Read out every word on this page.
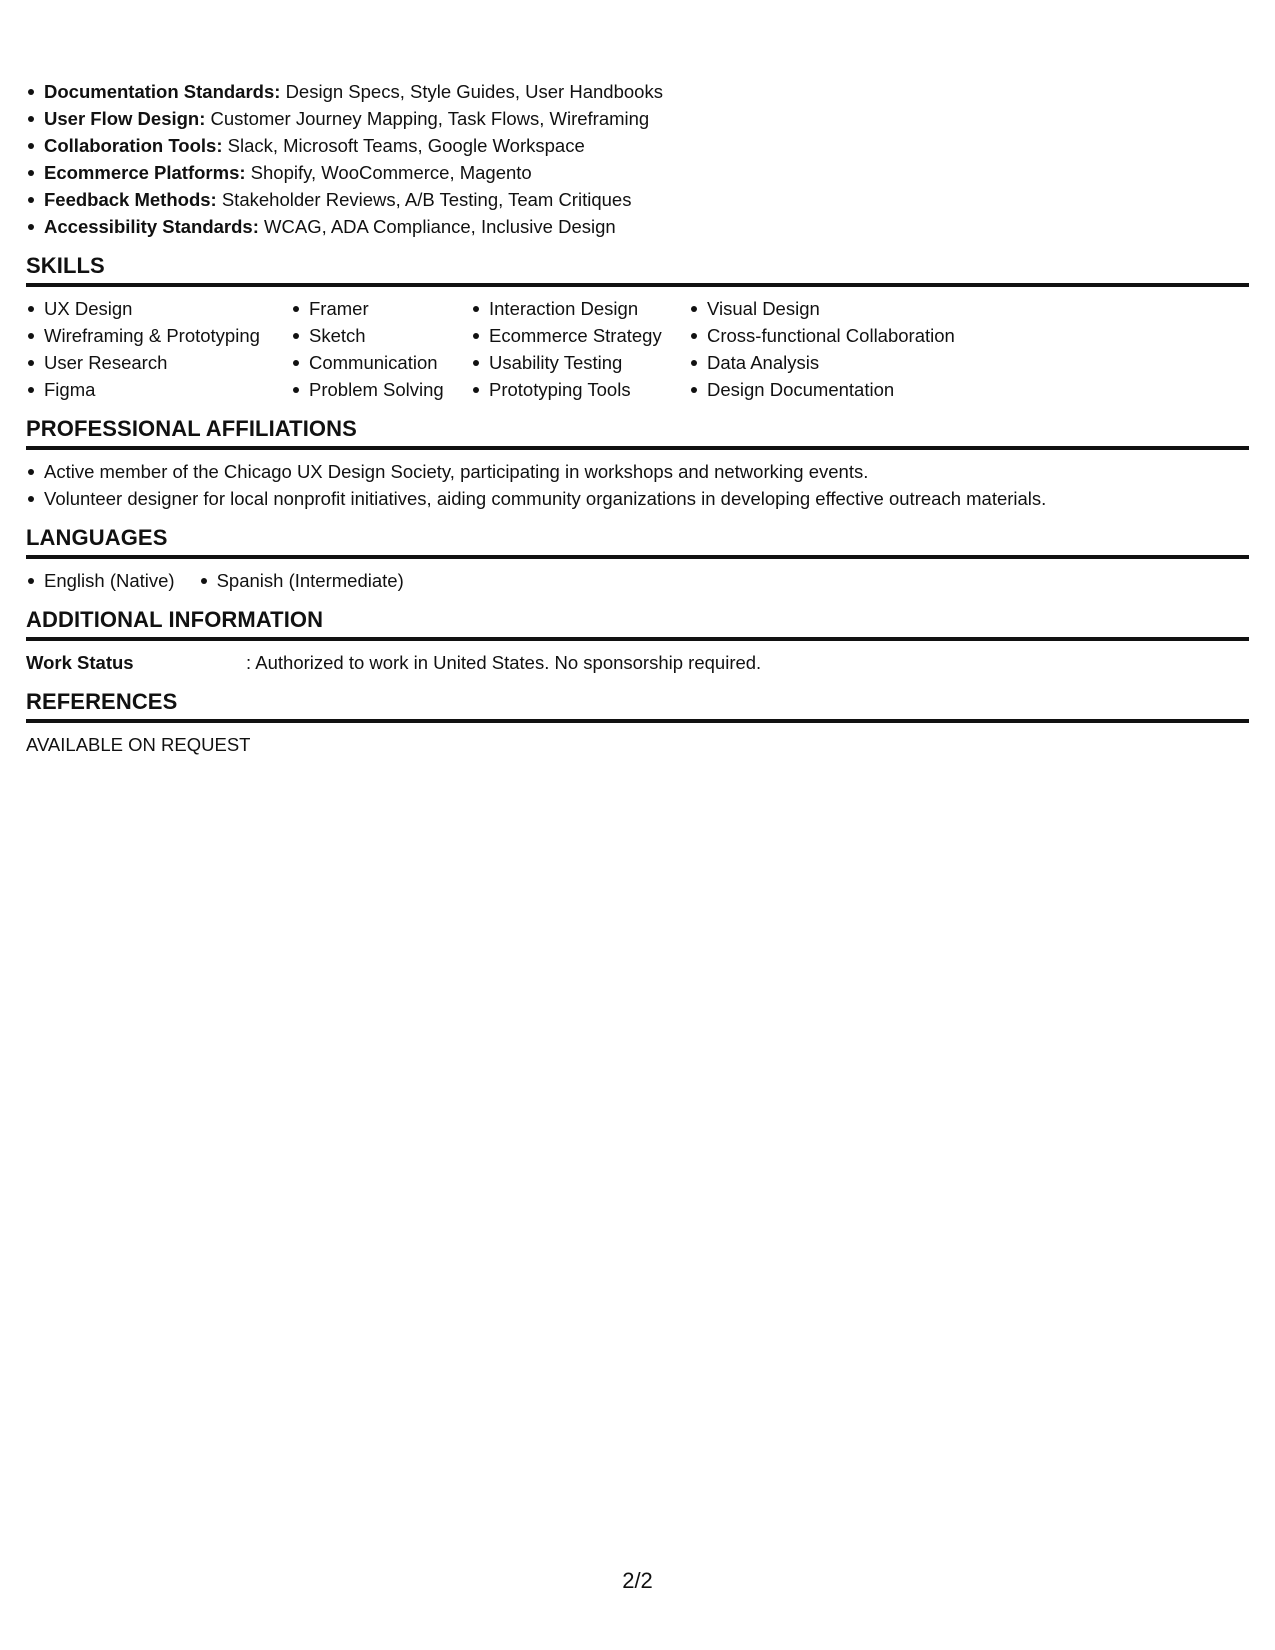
Documentation Standards: Design Specs, Style Guides, User Handbooks
User Flow Design: Customer Journey Mapping, Task Flows, Wireframing
Collaboration Tools: Slack, Microsoft Teams, Google Workspace
Ecommerce Platforms: Shopify, WooCommerce, Magento
Feedback Methods: Stakeholder Reviews, A/B Testing, Team Critiques
Accessibility Standards: WCAG, ADA Compliance, Inclusive Design
SKILLS
UX Design
Wireframing & Prototyping
User Research
Figma
Framer
Sketch
Communication
Problem Solving
Interaction Design
Ecommerce Strategy
Usability Testing
Prototyping Tools
Visual Design
Cross-functional Collaboration
Data Analysis
Design Documentation
PROFESSIONAL AFFILIATIONS
Active member of the Chicago UX Design Society, participating in workshops and networking events.
Volunteer designer for local nonprofit initiatives, aiding community organizations in developing effective outreach materials.
LANGUAGES
English (Native)	Spanish (Intermediate)
ADDITIONAL INFORMATION
Work Status	: Authorized to work in United States. No sponsorship required.
REFERENCES
AVAILABLE ON REQUEST
2/2
